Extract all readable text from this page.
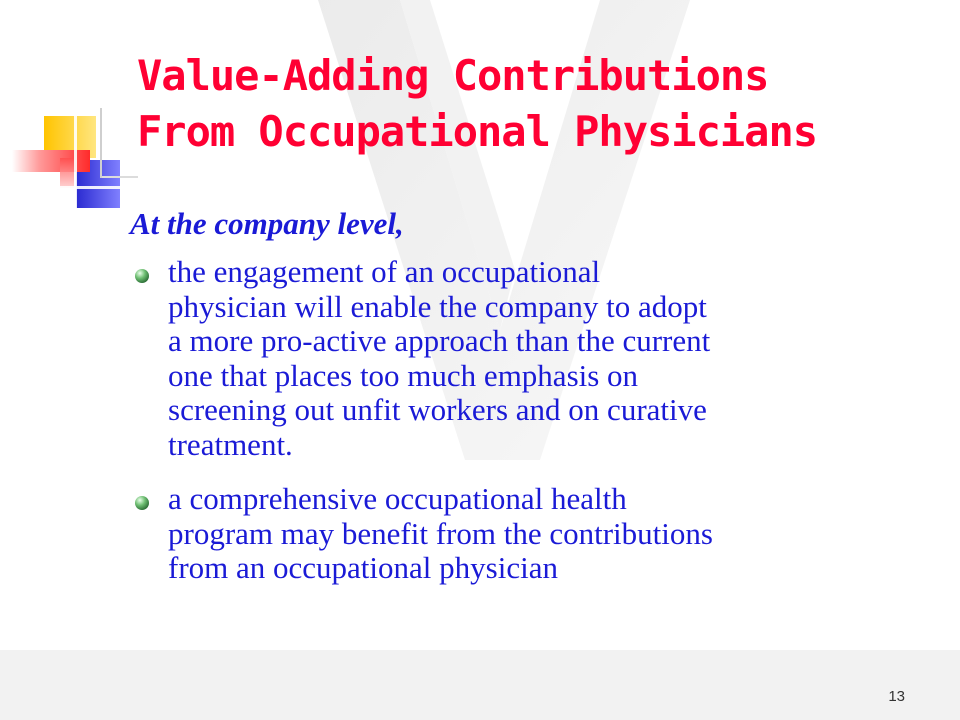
Value-Adding Contributions
From Occupational Physicians

At the company level,

the engagement of an occupational
physician will enable the company to adopt
a more pro-active approach than the current
one that places too much emphasis on
screening out unfit workers and on curative
treatment.
a comprehensive occupational health
program may benefit from the contributions
from an occupational physician

13
